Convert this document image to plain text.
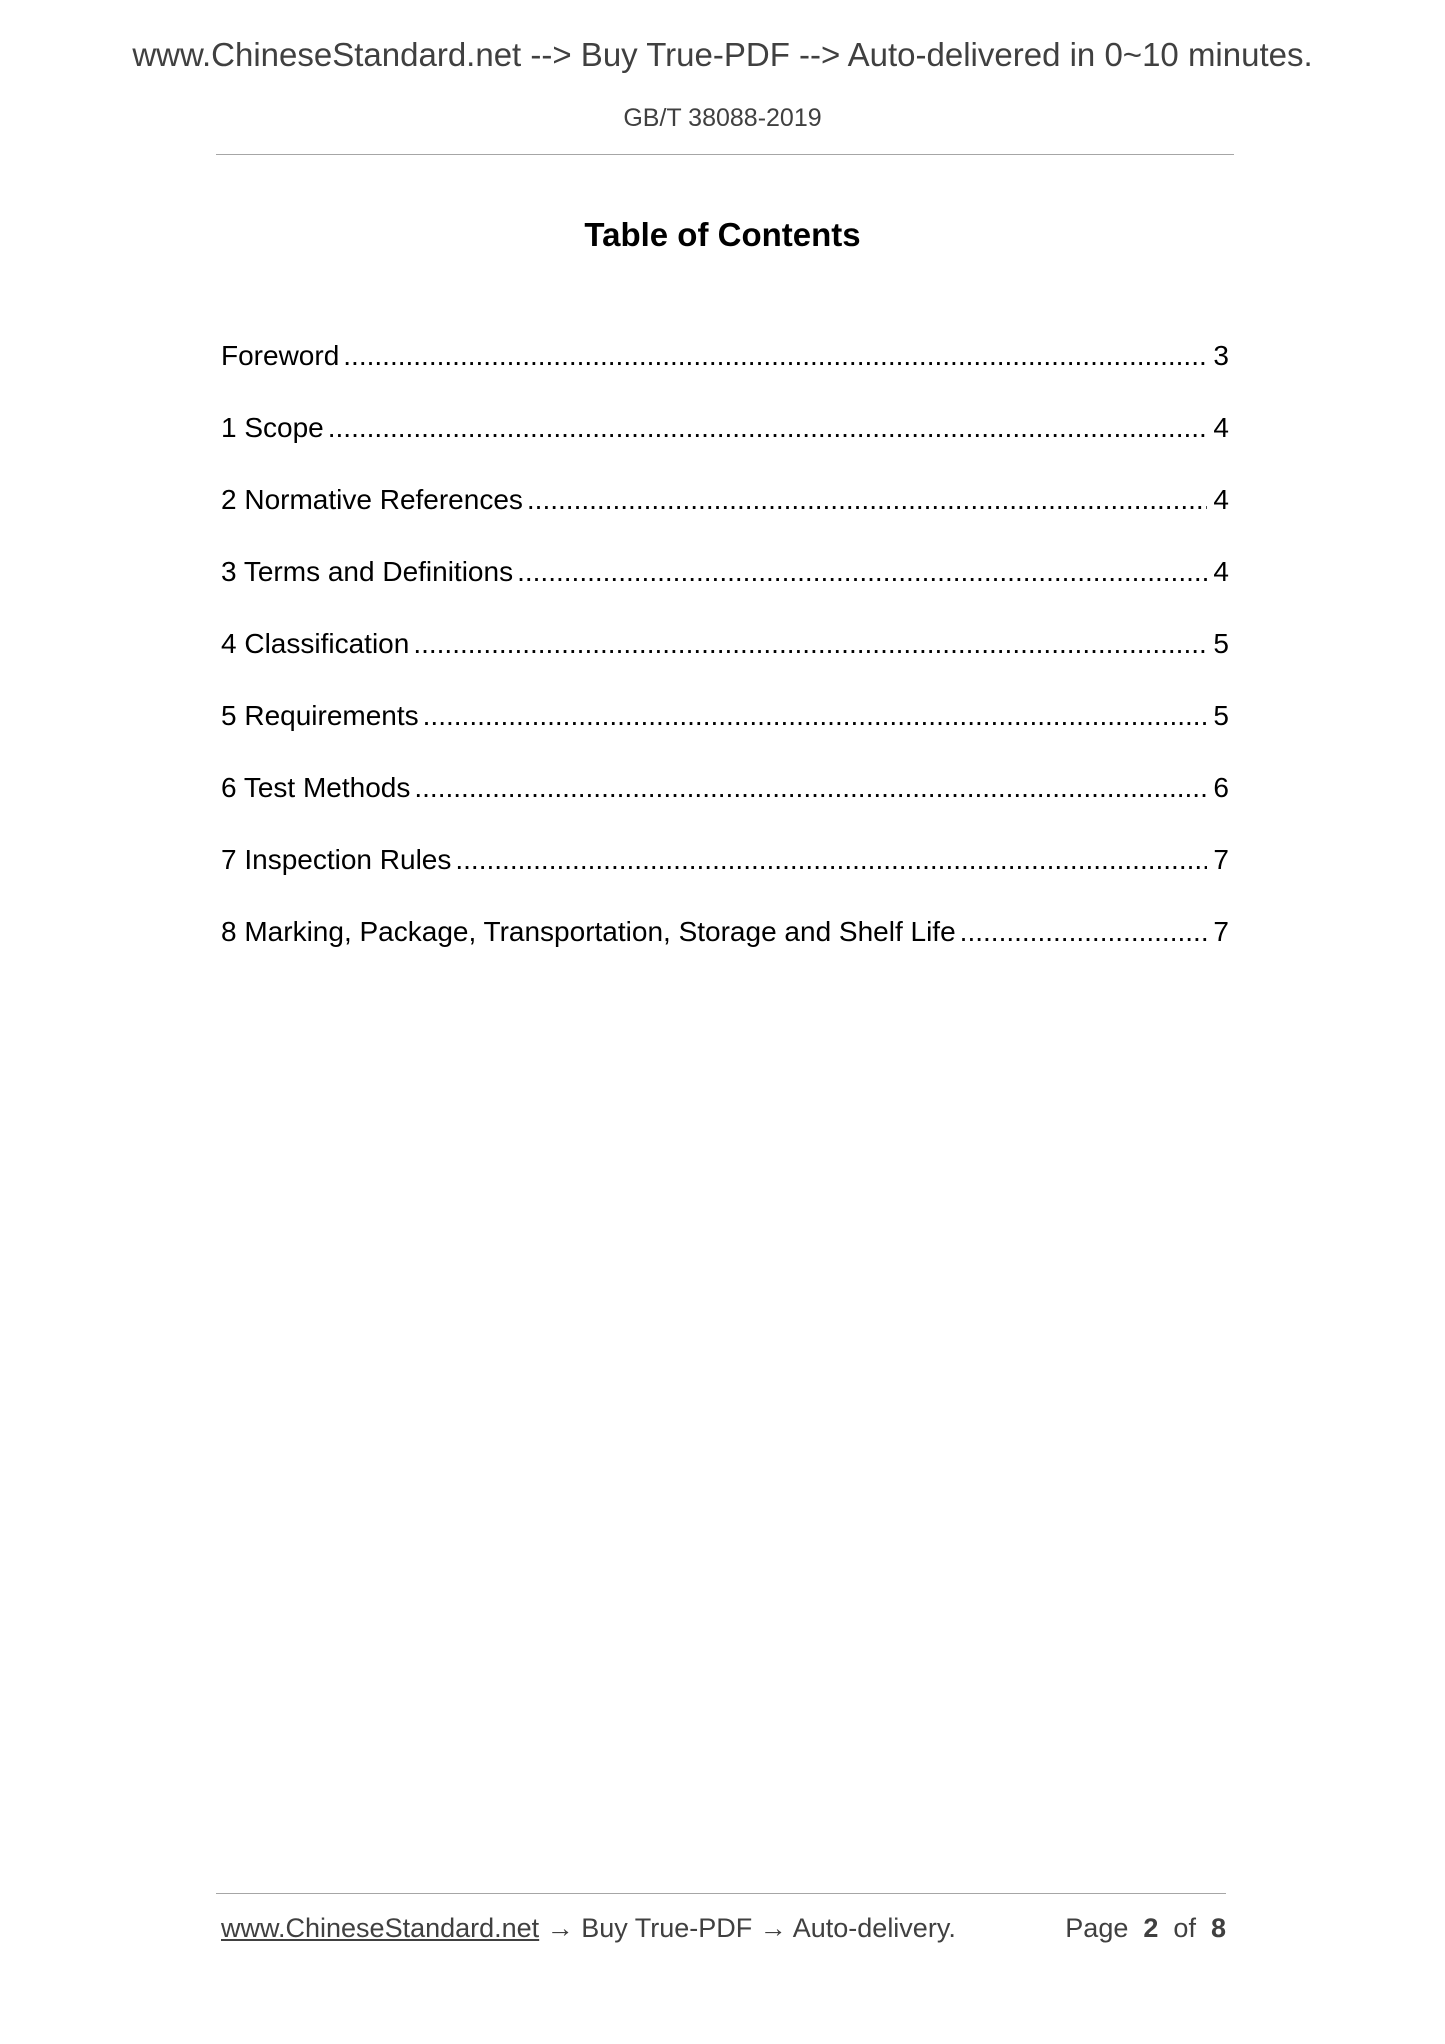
www.ChineseStandard.net --> Buy True-PDF --> Auto-delivered in 0~10 minutes.
GB/T 38088-2019
Table of Contents
Foreword .....	3
1 Scope .....	4
2 Normative References .....	4
3 Terms and Definitions .....	4
4 Classification .....	5
5 Requirements .....	5
6 Test Methods .....	6
7 Inspection Rules .....	7
8 Marking, Package, Transportation, Storage and Shelf Life .....	7
www.ChineseStandard.net → Buy True-PDF → Auto-delivery.	Page 2 of 8
